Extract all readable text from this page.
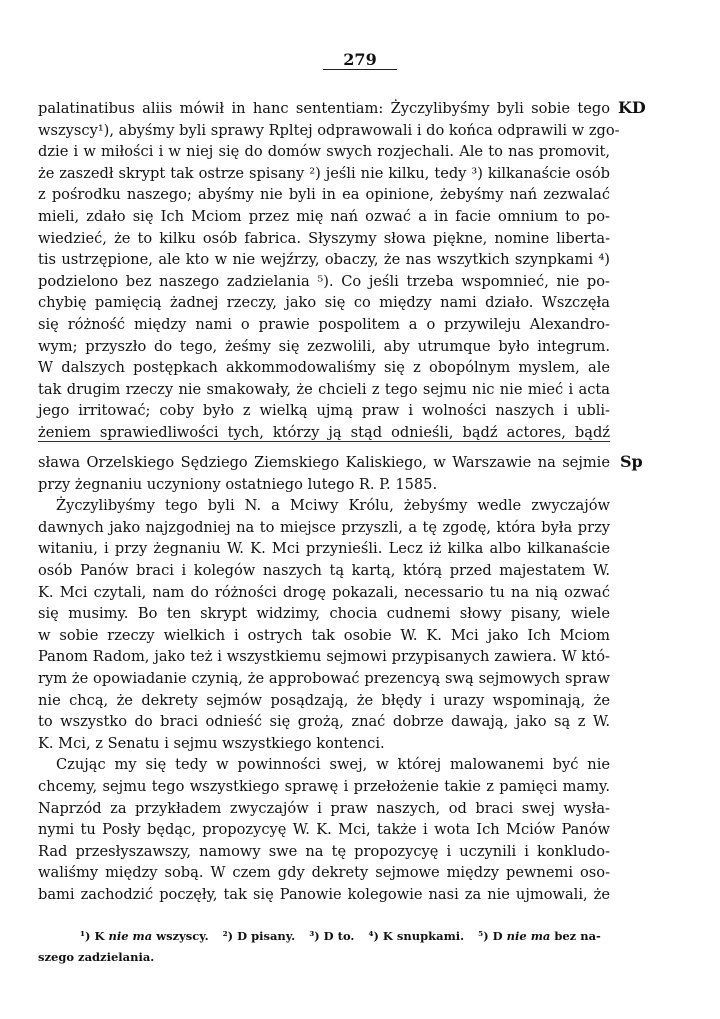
279
KD
palatinatibus aliis mówił in hanc sententiam: Życzylibyśmy byli sobie tego
wszyscy¹), abyśmy byli sprawy Rpltej odprawowali i do końca odprawili w zgo-
dzie i w miłości i w niej się do domów swych rozjechali. Ale to nas promovit,
że zaszedł skrypt tak ostrze spisany ²) jeśli nie kilku, tedy ³) kilkanaście osób
z pośrodku naszego; abyśmy nie byli in ea opinione, żebyśmy nań zezwalać
mieli, zdało się Ich Mciom przez mię nań ozwać a in facie omnium to po-
wiedzieć, że to kilku osób fabrica. Słyszymy słowa piękne, nomine liberta-
tis ustrzępione, ale kto w nie wejźrzy, obaczy, że nas wszytkich szynpkami ⁴)
podzielono bez naszego zadzielania ⁵). Co jeśli trzeba wspomnieć, nie po-
chybię pamięcią żadnej rzeczy, jako się co między nami działo. Wszczęła
się różność między nami o prawie pospolitem a o przywileju Alexandro-
wym; przyszło do tego, żeśmy się zezwolili, aby utrumque było integrum.
W dalszych postępkach akkommodowaliśmy się z obopólnym myslem, ale
tak drugim rzeczy nie smakowały, że chcieli z tego sejmu nic nie mieć i acta
jego irritować; coby było z wielką ujmą praw i wolności naszych i ubli-
żeniem sprawiedliwości tych, którzy ją stąd odnieśli, bądź actores, bądź
Sp
sława Orzelskiego Sędziego Ziemskiego Kaliskiego, w Warszawie na sejmie
przy żegnaniu uczyniony ostatniego lutego R. P. 1585.
Życzylibyśmy tego byli N. a Mciwy Królu, żebyśmy wedle zwyczajów
dawnych jako najzgodniej na to miejsce przyszli, a tę zgodę, która była przy
witaniu, i przy żegnaniu W. K. Mci przynieśli. Lecz iż kilka albo kilkanaście
osób Panów braci i kolegów naszych tą kartą, którą przed majestatem W.
K. Mci czytali, nam do różności drogę pokazali, necessario tu na nią ozwać
się musimy. Bo ten skrypt widzimy, chocia cudnemi słowy pisany, wiele
w sobie rzeczy wielkich i ostrych tak osobie W. K. Mci jako Ich Mciom
Panom Radom, jako też i wszystkiemu sejmowi przypisanych zawiera. W któ-
rym że opowiadanie czynią, że approbować prezencyą swą sejmowych spraw
nie chcą, że dekrety sejmów posądzają, że błędy i urazy wspominają, że
to wszystko do braci odnieść się grożą, znać dobrze dawają, jako są z W.
K. Mci, z Senatu i sejmu wszystkiego kontenci.
Czując my się tedy w powinności swej, w której malowanemi być nie
chcemy, sejmu tego wszystkiego sprawę i przełożenie takie z pamięci mamy.
Naprzód za przykładem zwyczajów i praw naszych, od braci swej wysła-
nymi tu Posły będąc, propozycyę W. K. Mci, także i wota Ich Mciów Panów
Rad przesłyszawszy, namowy swe na tę propozycyę i uczynili i konkludo-
waliśmy między sobą. W czem gdy dekrety sejmowe między pewnemi oso-
bami zachodzić poczęły, tak się Panowie kolegowie nasi za nie ujmowali, że
¹) K nie ma wszyscy. ²) D pisany. ³) D to. ⁴) K snupkami. ⁵) D nie ma bez na-
szego zadzielania.
